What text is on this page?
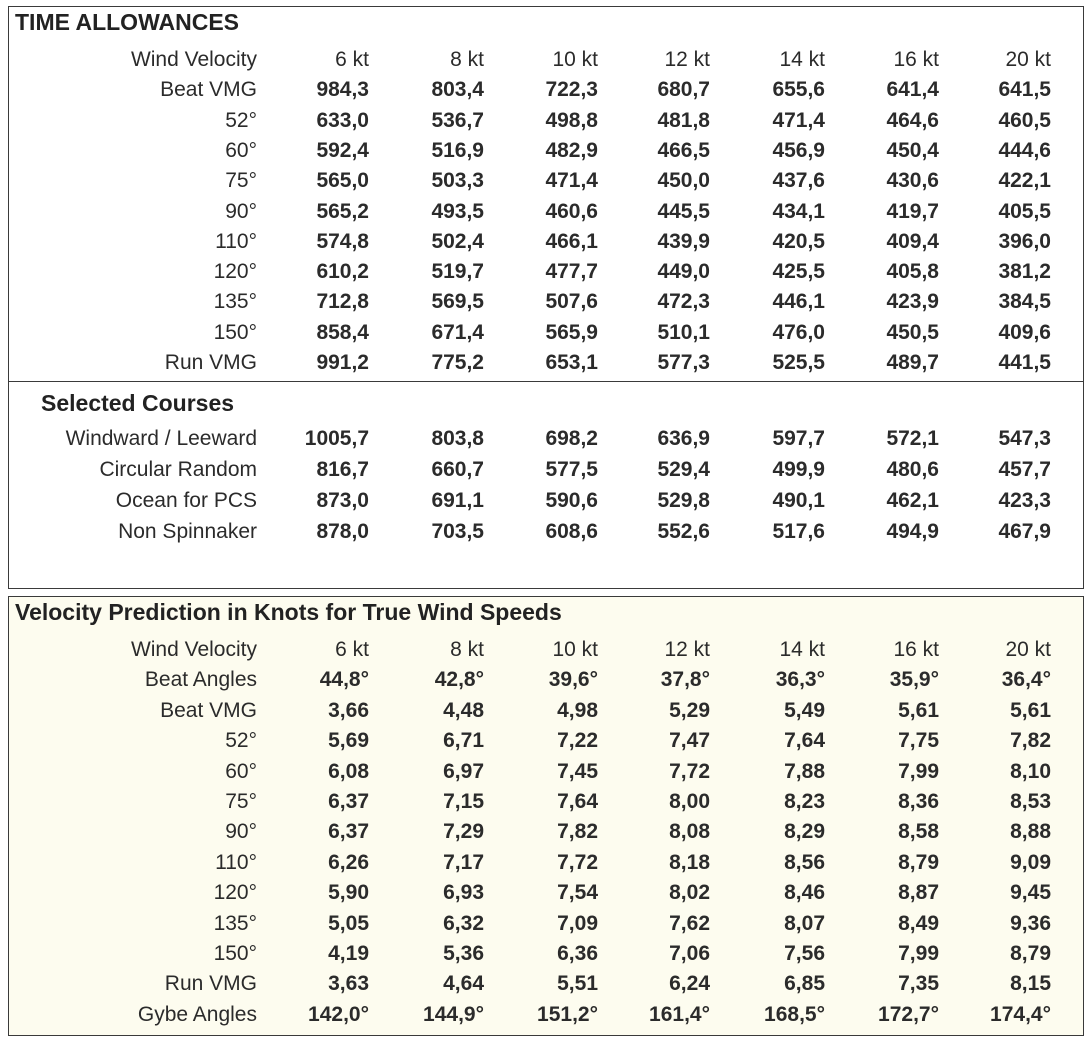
TIME ALLOWANCES
Wind Velocity	6 kt	8 kt	10 kt	12 kt	14 kt	16 kt	20 kt
Beat VMG	984,3	803,4	722,3	680,7	655,6	641,4	641,5
52°	633,0	536,7	498,8	481,8	471,4	464,6	460,5
60°	592,4	516,9	482,9	466,5	456,9	450,4	444,6
75°	565,0	503,3	471,4	450,0	437,6	430,6	422,1
90°	565,2	493,5	460,6	445,5	434,1	419,7	405,5
110°	574,8	502,4	466,1	439,9	420,5	409,4	396,0
120°	610,2	519,7	477,7	449,0	425,5	405,8	381,2
135°	712,8	569,5	507,6	472,3	446,1	423,9	384,5
150°	858,4	671,4	565,9	510,1	476,0	450,5	409,6
Run VMG	991,2	775,2	653,1	577,3	525,5	489,7	441,5
Selected Courses
Windward / Leeward	1005,7	803,8	698,2	636,9	597,7	572,1	547,3
Circular Random	816,7	660,7	577,5	529,4	499,9	480,6	457,7
Ocean for PCS	873,0	691,1	590,6	529,8	490,1	462,1	423,3
Non Spinnaker	878,0	703,5	608,6	552,6	517,6	494,9	467,9
Velocity Prediction in Knots for True Wind Speeds
Wind Velocity	6 kt	8 kt	10 kt	12 kt	14 kt	16 kt	20 kt
Beat Angles	44,8°	42,8°	39,6°	37,8°	36,3°	35,9°	36,4°
Beat VMG	3,66	4,48	4,98	5,29	5,49	5,61	5,61
52°	5,69	6,71	7,22	7,47	7,64	7,75	7,82
60°	6,08	6,97	7,45	7,72	7,88	7,99	8,10
75°	6,37	7,15	7,64	8,00	8,23	8,36	8,53
90°	6,37	7,29	7,82	8,08	8,29	8,58	8,88
110°	6,26	7,17	7,72	8,18	8,56	8,79	9,09
120°	5,90	6,93	7,54	8,02	8,46	8,87	9,45
135°	5,05	6,32	7,09	7,62	8,07	8,49	9,36
150°	4,19	5,36	6,36	7,06	7,56	7,99	8,79
Run VMG	3,63	4,64	5,51	6,24	6,85	7,35	8,15
Gybe Angles	142,0°	144,9°	151,2°	161,4°	168,5°	172,7°	174,4°
